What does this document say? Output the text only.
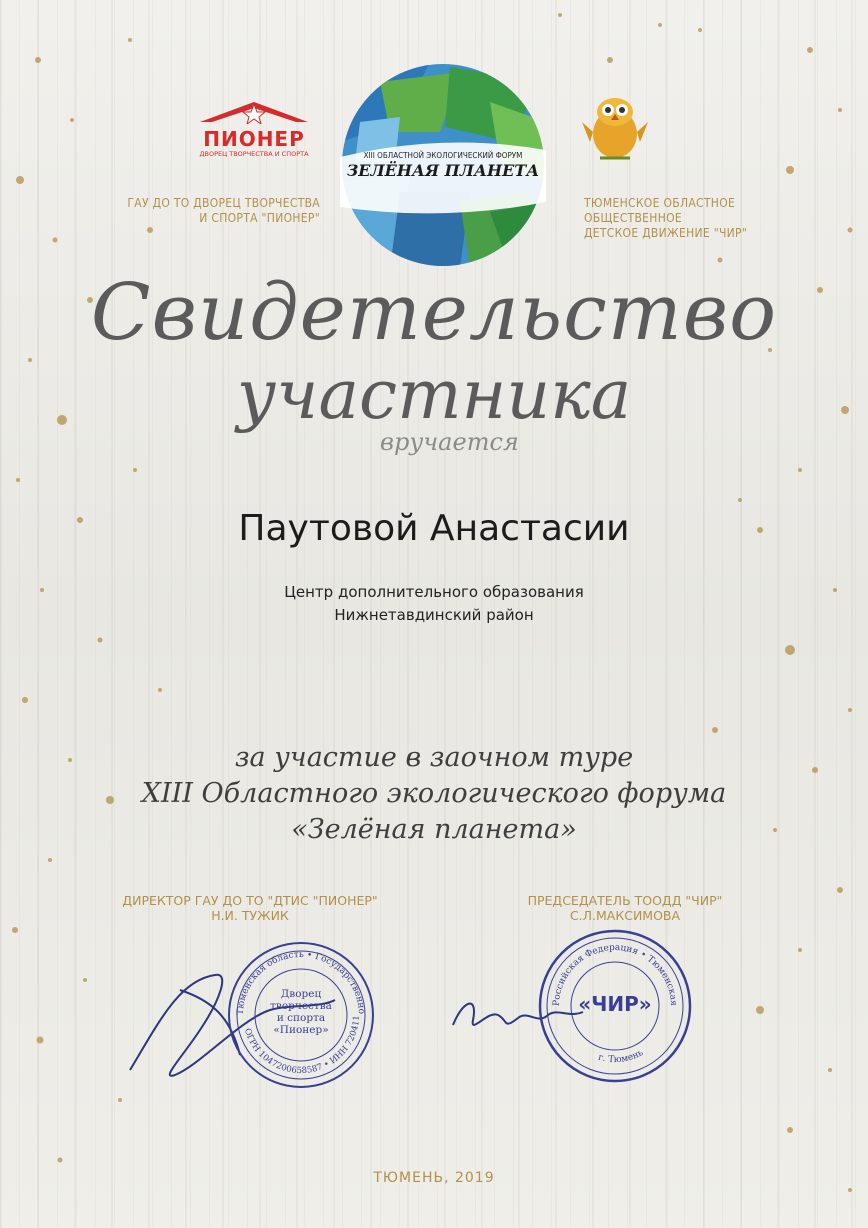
ПИОНЕР
ДВОРЕЦ ТВОРЧЕСТВА И СПОРТА
ГАУ ДО ТО ДВОРЕЦ ТВОРЧЕСТВА
И СПОРТА "ПИОНЕР"
XIII ОБЛАСТНОЙ ЭКОЛОГИЧЕСКИЙ ФОРУМ
ЗЕЛЁНАЯ ПЛАНЕТА
ТЮМЕНСКОЕ ОБЛАСТНОЕ ОБЩЕСТВЕННОЕ
ДЕТСКОЕ ДВИЖЕНИЕ "ЧИР"
Свидетельство
участника
вручается
Паутовой Анастасии
Центр дополнительного образования
Нижнетавдинский район
за участие в заочном туре
XIII Областного экологического форума
«Зелёная планета»
ДИРЕКТОР ГАУ ДО ТО "ДТИС "ПИОНЕР"
Н.И. ТУЖИК
ПРЕДСЕДАТЕЛЬ ТООДД "ЧИР"
С.Л.МАКСИМОВА
Тюменская область • Государственно
ОГРН 1047200658587 • ИНН 720411
Дворец
творчества
и спорта
«Пионер»
Российская Федерация • Тюменская
г. Тюмень
«ЧИР»
ТЮМЕНЬ, 2019
